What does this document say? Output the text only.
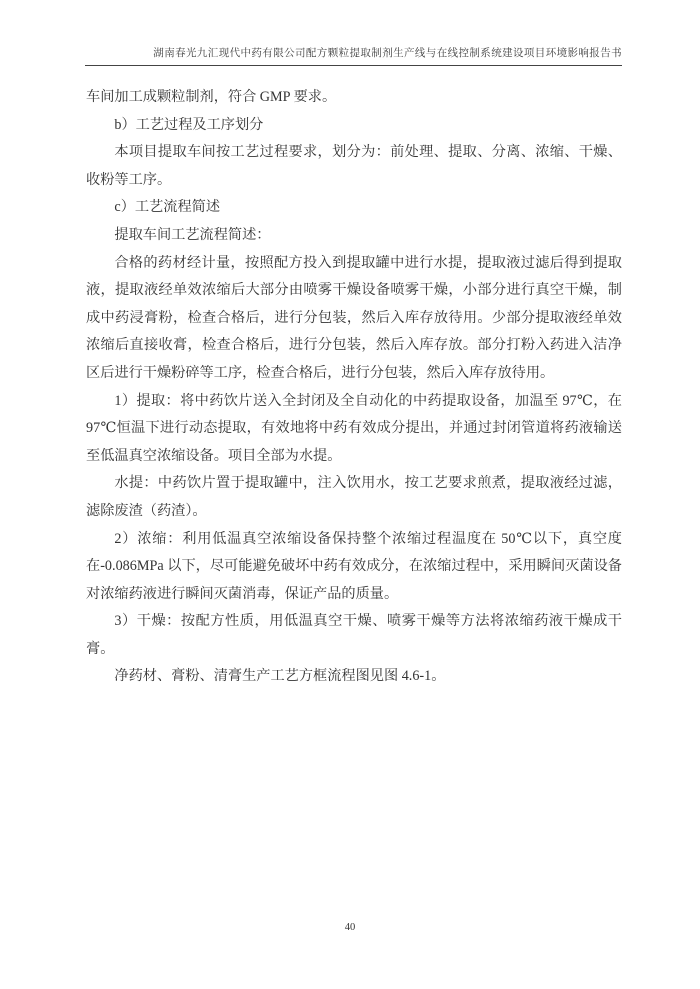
湖南春光九汇现代中药有限公司配方颗粒提取制剂生产线与在线控制系统建设项目环境影响报告书

车间加工成颗粒制剂，符合 GMP 要求。

b）工艺过程及工序划分

本项目提取车间按工艺过程要求，划分为：前处理、提取、分离、浓缩、干燥、收粉等工序。

c）工艺流程简述

提取车间工艺流程简述：

合格的药材经计量，按照配方投入到提取罐中进行水提，提取液过滤后得到提取液，提取液经单效浓缩后大部分由喷雾干燥设备喷雾干燥，小部分进行真空干燥，制成中药浸膏粉，检查合格后，进行分包装，然后入库存放待用。少部分提取液经单效浓缩后直接收膏，检查合格后，进行分包装，然后入库存放。部分打粉入药进入洁净区后进行干燥粉碎等工序，检查合格后，进行分包装，然后入库存放待用。

1）提取：将中药饮片送入全封闭及全自动化的中药提取设备，加温至 97℃，在 97℃恒温下进行动态提取，有效地将中药有效成分提出，并通过封闭管道将药液输送至低温真空浓缩设备。项目全部为水提。

水提：中药饮片置于提取罐中，注入饮用水，按工艺要求煎煮，提取液经过滤，滤除废渣（药渣）。

2）浓缩：利用低温真空浓缩设备保持整个浓缩过程温度在 50℃以下，真空度在-0.086MPa 以下，尽可能避免破坏中药有效成分，在浓缩过程中，采用瞬间灭菌设备对浓缩药液进行瞬间灭菌消毒，保证产品的质量。

3）干燥：按配方性质，用低温真空干燥、喷雾干燥等方法将浓缩药液干燥成干膏。

净药材、膏粉、清膏生产工艺方框流程图见图 4.6-1。

40
